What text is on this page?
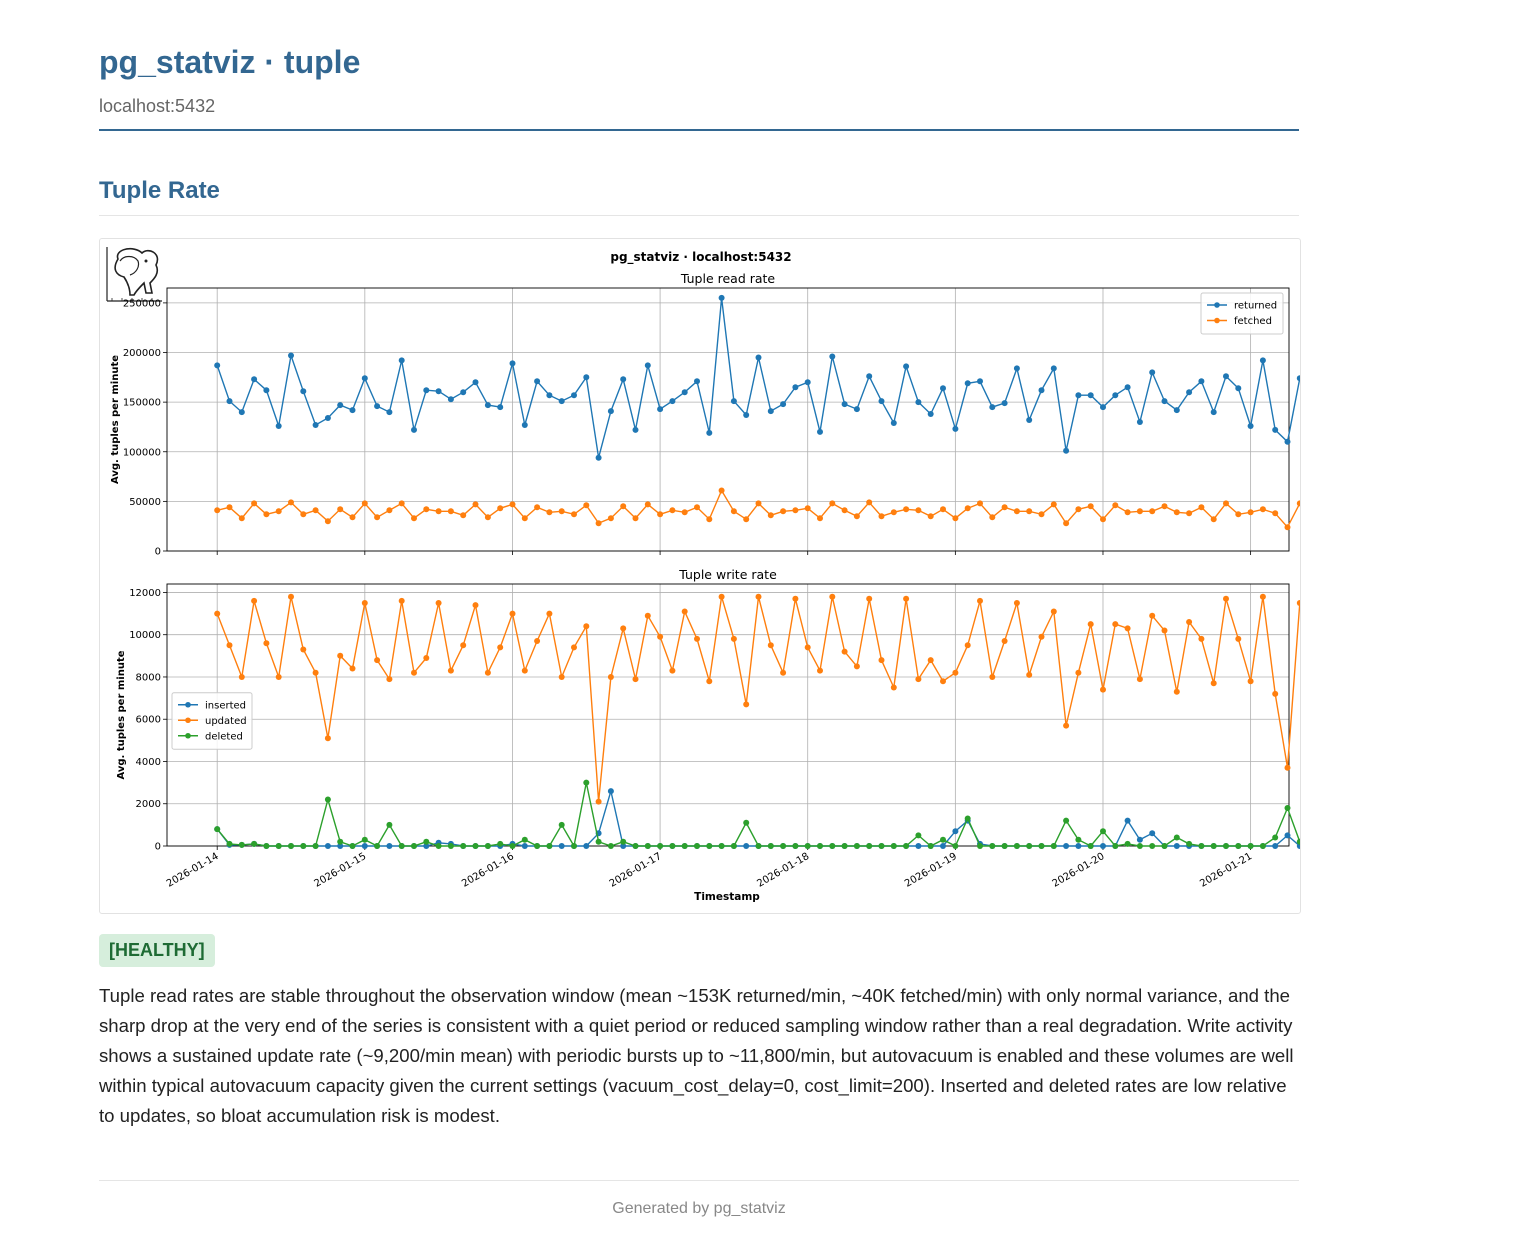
pg_statviz · tuple
localhost:5432
Tuple Rate
pg_statviz · localhost:5432
0
50000
100000
150000
200000
250000
Tuple read rate
Avg. tuples per minute
returned
fetched
0
2000
4000
6000
8000
10000
12000
Tuple write rate
Avg. tuples per minute	inserted
updated
deleted
2026-01-14	2026-01-15	2026-01-16	2026-01-17	2026-01-18	2026-01-19	2026-01-20	2026-01-21
Timestamp
[HEALTHY]

Tuple read rates are stable throughout the observation window (mean ~153K returned/min, ~40K fetched/min) with only normal variance, and the sharp drop at the very end of the series is consistent with a quiet period or reduced sampling window rather than a real degradation. Write activity shows a sustained update rate (~9,200/min mean) with periodic bursts up to ~11,800/min, but autovacuum is enabled and these volumes are well within typical autovacuum capacity given the current settings (vacuum_cost_delay=0, cost_limit=200). Inserted and deleted rates are low relative to updates, so bloat accumulation risk is modest.

Generated by pg_statviz
